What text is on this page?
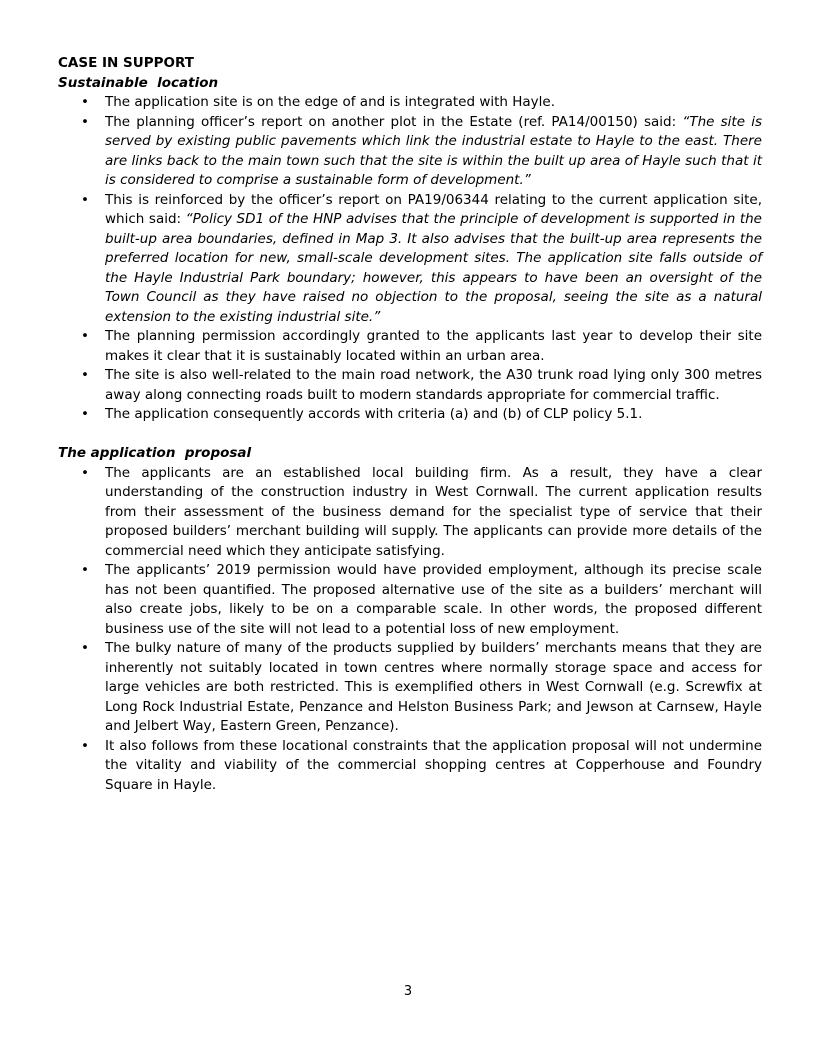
CASE IN SUPPORT
Sustainable  location
• The application site is on the edge of and is integrated with Hayle.
• The planning officer’s report on another plot in the Estate (ref. PA14/00150) said: “The site is served by existing public pavements which link the industrial estate to Hayle to the east. There are links back to the main town such that the site is within the built up area of Hayle such that it is considered to comprise a sustainable form of development.”
• This is reinforced by the officer’s report on PA19/06344 relating to the current application site, which said: “Policy SD1 of the HNP advises that the principle of development is supported in the built-up area boundaries, defined in Map 3. It also advises that the built-up area represents the preferred location for new, small-scale development sites. The application site falls outside of the Hayle Industrial Park boundary; however, this appears to have been an oversight of the Town Council as they have raised no objection to the proposal, seeing the site as a natural extension to the existing industrial site.”
• The planning permission accordingly granted to the applicants last year to develop their site makes it clear that it is sustainably located within an urban area.
• The site is also well-related to the main road network, the A30 trunk road lying only 300 metres away along connecting roads built to modern standards appropriate for commercial traffic.
• The application consequently accords with criteria (a) and (b) of CLP policy 5.1.
The application  proposal
• The applicants are an established local building firm. As a result, they have a clear understanding of the construction industry in West Cornwall. The current application results from their assessment of the business demand for the specialist type of service that their proposed builders’ merchant building will supply. The applicants can provide more details of the commercial need which they anticipate satisfying.
• The applicants’ 2019 permission would have provided employment, although its precise scale has not been quantified. The proposed alternative use of the site as a builders’ merchant will also create jobs, likely to be on a comparable scale. In other words, the proposed different business use of the site will not lead to a potential loss of new employment.
• The bulky nature of many of the products supplied by builders’ merchants means that they are inherently not suitably located in town centres where normally storage space and access for large vehicles are both restricted. This is exemplified others in West Cornwall (e.g. Screwfix at Long Rock Industrial Estate, Penzance and Helston Business Park; and Jewson at Carnsew, Hayle and Jelbert Way, Eastern Green, Penzance).
• It also follows from these locational constraints that the application proposal will not undermine the vitality and viability of the commercial shopping centres at Copperhouse and Foundry Square in Hayle.
3
